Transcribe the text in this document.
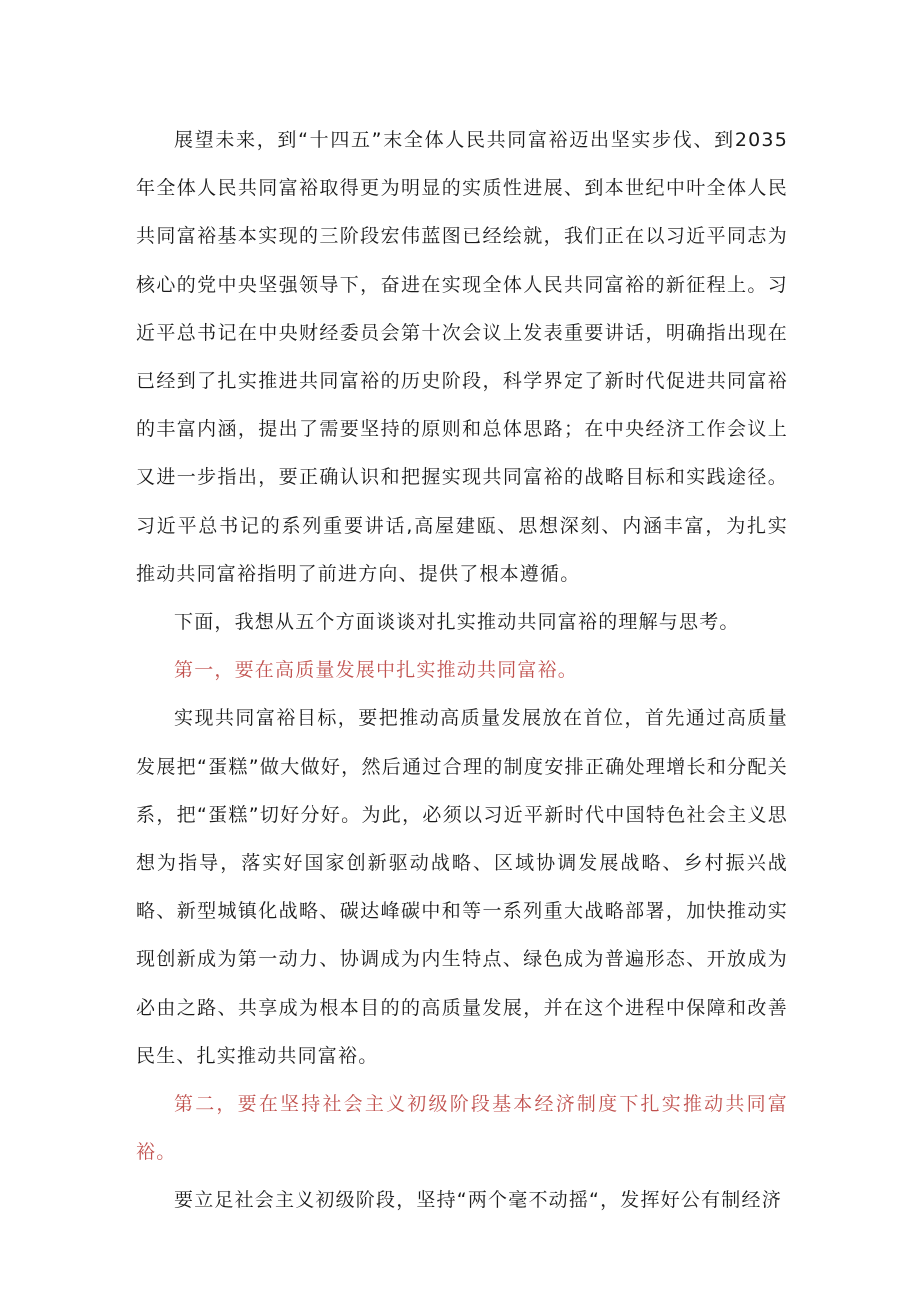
展望未来，到“十四五”末全体人民共同富裕迈出坚实步伐、到2035年全体人民共同富裕取得更为明显的实质性进展、到本世纪中叶全体人民共同富裕基本实现的三阶段宏伟蓝图已经绘就，我们正在以习近平同志为核心的党中央坚强领导下，奋进在实现全体人民共同富裕的新征程上。习近平总书记在中央财经委员会第十次会议上发表重要讲话，明确指出现在已经到了扎实推进共同富裕的历史阶段，科学界定了新时代促进共同富裕的丰富内涵，提出了需要坚持的原则和总体思路；在中央经济工作会议上又进一步指出，要正确认识和把握实现共同富裕的战略目标和实践途径。习近平总书记的系列重要讲话,高屋建瓯、思想深刻、内涵丰富，为扎实推动共同富裕指明了前进方向、提供了根本遵循。

下面，我想从五个方面谈谈对扎实推动共同富裕的理解与思考。

第一，要在高质量发展中扎实推动共同富裕。

实现共同富裕目标，要把推动高质量发展放在首位，首先通过高质量发展把“蛋糕”做大做好，然后通过合理的制度安排正确处理增长和分配关系，把“蛋糕”切好分好。为此，必须以习近平新时代中国特色社会主义思想为指导，落实好国家创新驱动战略、区域协调发展战略、乡村振兴战略、新型城镇化战略、碳达峰碳中和等一系列重大战略部署，加快推动实现创新成为第一动力、协调成为内生特点、绿色成为普遍形态、开放成为必由之路、共享成为根本目的的高质量发展，并在这个进程中保障和改善民生、扎实推动共同富裕。

第二，要在坚持社会主义初级阶段基本经济制度下扎实推动共同富裕。

要立足社会主义初级阶段，坚持“两个毫不动摇“，发挥好公有制经济
